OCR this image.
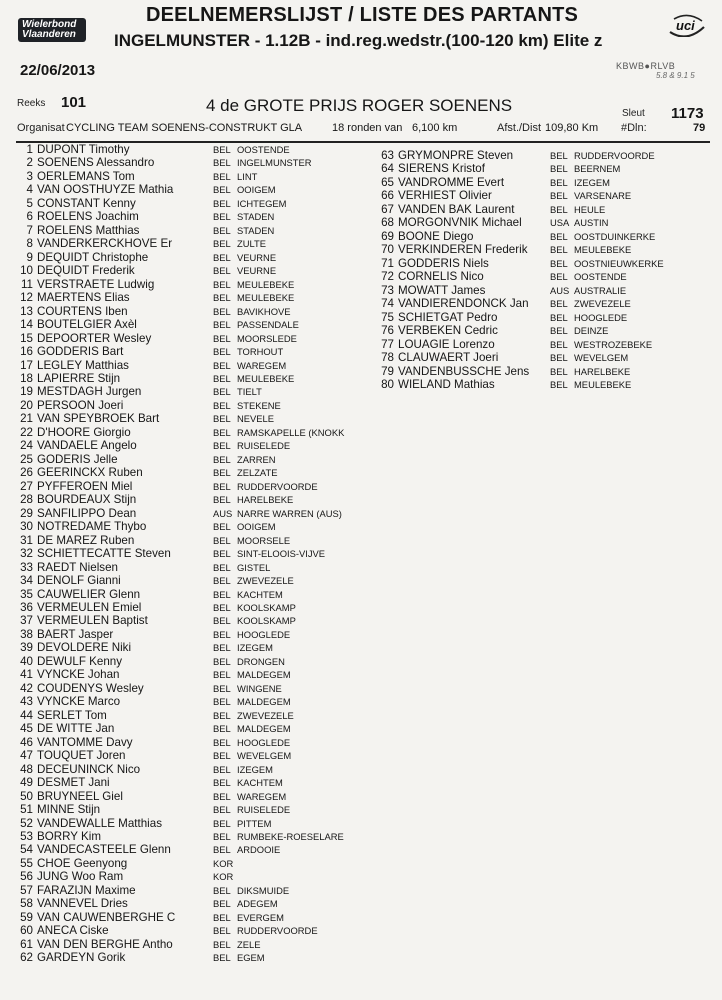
Wielerbond
Vlaanderen
DEELNEMERSLIJST / LISTE DES PARTANTS
INGELMUNSTER - 1.12B - ind.reg.wedstr.(100-120 km) Elite z
22/06/2013
uci
KBWB●RLVB
5.8 & 9.1 5
Reeks 101	4 de GROTE PRIJS ROGER SOENENS	Sleut 1173
Organisat CYCLING TEAM SOENENS-CONSTRUKT GLA	18 ronden van 6,100 km	Afst./Dist 109,80 Km #Dln:	79
1 DUPONT Timothy	BEL OOSTENDE
2 SOENENS Alessandro	BEL INGELMUNSTER
3 OERLEMANS Tom	BEL LINT
4 VAN OOSTHUYZE Mathia	BEL OOIGEM
5 CONSTANT Kenny	BEL ICHTEGEM
6 ROELENS Joachim	BEL STADEN
7 ROELENS Matthias	BEL STADEN
8 VANDERKERCKHOVE Er	BEL ZULTE
9 DEQUIDT Christophe	BEL VEURNE
10 DEQUIDT Frederik	BEL VEURNE
11 VERSTRAETE Ludwig	BEL MEULEBEKE
12 MAERTENS Elias	BEL MEULEBEKE
13 COURTENS Iben	BEL BAVIKHOVE
14 BOUTELGIER Axèl	BEL PASSENDALE
15 DEPOORTER Wesley	BEL MOORSLEDE
16 GODDERIS Bart	BEL TORHOUT
17 LEGLEY Matthias	BEL WAREGEM
18 LAPIERRE Stijn	BEL MEULEBEKE
19 MESTDAGH Jurgen	BEL TIELT
20 PERSOON Joeri	BEL STEKENE
21 VAN SPEYBROEK Bart	BEL NEVELE
22 D'HOORE Giorgio	BEL RAMSKAPELLE (KNOKK
24 VANDAELE Angelo	BEL RUISELEDE
25 GODERIS Jelle	BEL ZARREN
26 GEERINCKX Ruben	BEL ZELZATE
27 PYFFEROEN Miel	BEL RUDDERVOORDE
28 BOURDEAUX Stijn	BEL HARELBEKE
29 SANFILIPPO Dean	AUS NARRE WARREN (AUS)
30 NOTREDAME Thybo	BEL OOIGEM
31 DE MAREZ Ruben	BEL MOORSELE
32 SCHIETTECATTE Steven	BEL SINT-ELOOIS-VIJVE
33 RAEDT Nielsen	BEL GISTEL
34 DENOLF Gianni	BEL ZWEVEZELE
35 CAUWELIER Glenn	BEL KACHTEM
36 VERMEULEN Emiel	BEL KOOLSKAMP
37 VERMEULEN Baptist	BEL KOOLSKAMP
38 BAERT Jasper	BEL HOOGLEDE
39 DEVOLDERE Niki	BEL IZEGEM
40 DEWULF Kenny	BEL DRONGEN
41 VYNCKE Johan	BEL MALDEGEM
42 COUDENYS Wesley	BEL WINGENE
43 VYNCKE Marco	BEL MALDEGEM
44 SERLET Tom	BEL ZWEVEZELE
45 DE WITTE Jan	BEL MALDEGEM
46 VANTOMME Davy	BEL HOOGLEDE
47 TOUQUET Joren	BEL WEVELGEM
48 DECEUNINCK Nico	BEL IZEGEM
49 DESMET Jani	BEL KACHTEM
50 BRUYNEEL Giel	BEL WAREGEM
51 MINNE Stijn	BEL RUISELEDE
52 VANDEWALLE Matthias	BEL PITTEM
53 BORRY Kim	BEL RUMBEKE-ROESELARE
54 VANDECASTEELE Glenn	BEL ARDOOIE
55 CHOE Geenyong	KOR
56 JUNG Woo Ram	KOR
57 FARAZIJN Maxime	BEL DIKSMUIDE
58 VANNEVEL Dries	BEL ADEGEM
59 VAN CAUWENBERGHE C	BEL EVERGEM
60 ANECA Ciske	BEL RUDDERVOORDE
61 VAN DEN BERGHE Antho	BEL ZELE
62 GARDEYN Gorik	BEL EGEM
63 GRYMONPRE Steven	BEL RUDDERVOORDE
64 SIERENS Kristof	BEL BEERNEM
65 VANDROMME Evert	BEL IZEGEM
66 VERHIEST Olivier	BEL VARSENARE
67 VANDEN BAK Laurent	BEL HEULE
68 MORGONVNIK Michael	USA AUSTIN
69 BOONE Diego	BEL OOSTDUINKERKE
70 VERKINDEREN Frederik	BEL MEULEBEKE
71 GODDERIS Niels	BEL OOSTNIEUWKERKE
72 CORNELIS Nico	BEL OOSTENDE
73 MOWATT James	AUS AUSTRALIE
74 VANDIERENDONCK Jan	BEL ZWEVEZELE
75 SCHIETGAT Pedro	BEL HOOGLEDE
76 VERBEKEN Cedric	BEL DEINZE
77 LOUAGIE Lorenzo	BEL WESTROZEBEKE
78 CLAUWAERT Joeri	BEL WEVELGEM
79 VANDENBUSSCHE Jens	BEL HARELBEKE
80 WIELAND Mathias	BEL MEULEBEKE
